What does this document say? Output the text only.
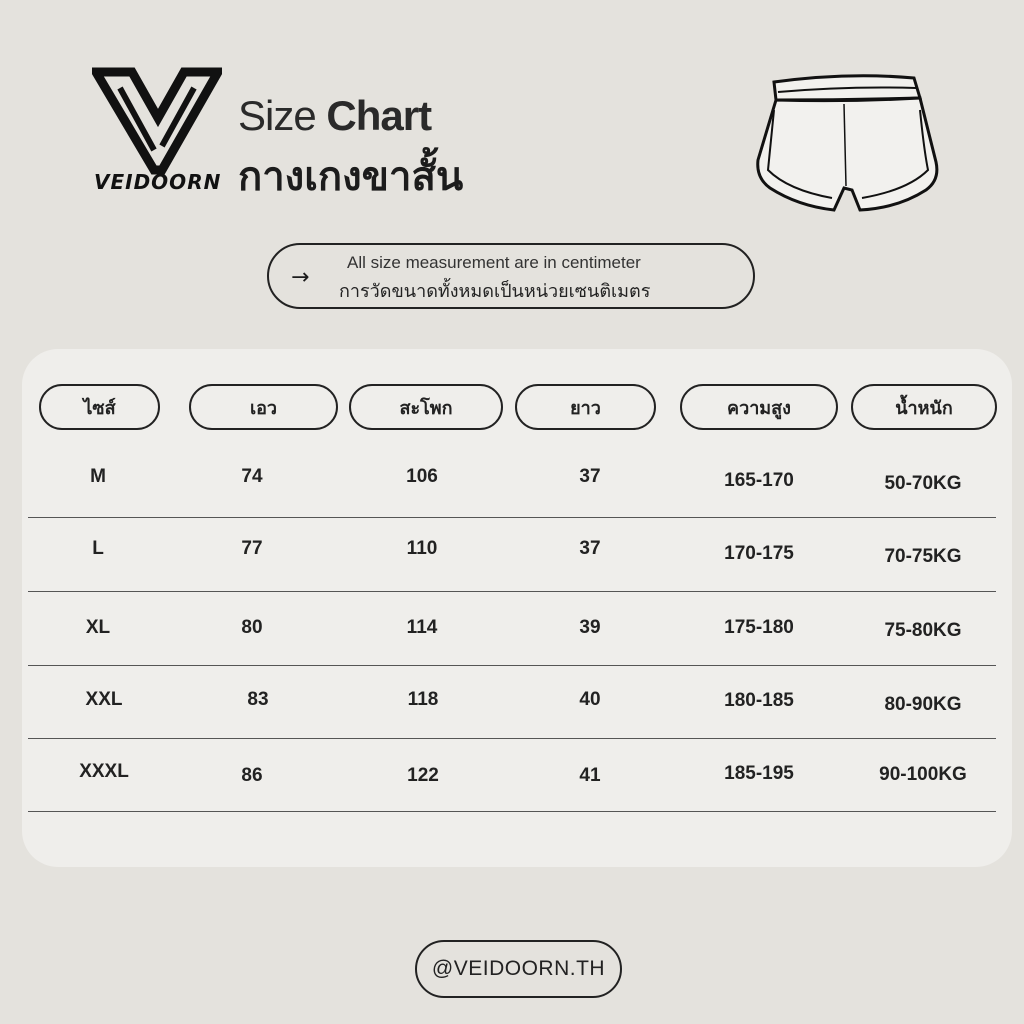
VEIDOORN
Size Chart
กางเกงขาสั้น
→
All size measurement are in centimeter
การวัดขนาดทั้งหมดเป็นหน่วยเซนติเมตร
ไซส์	เอว	สะโพก	ยาว	ความสูง	น้ำหนัก
M	74	106	37	165-170	50-70KG
L	77	110	37	170-175	70-75KG
XL	80	114	39	175-180	75-80KG
XXL	83	118	40	180-185	80-90KG
XXXL	86	122	41	185-195	90-100KG
@VEIDOORN.TH
